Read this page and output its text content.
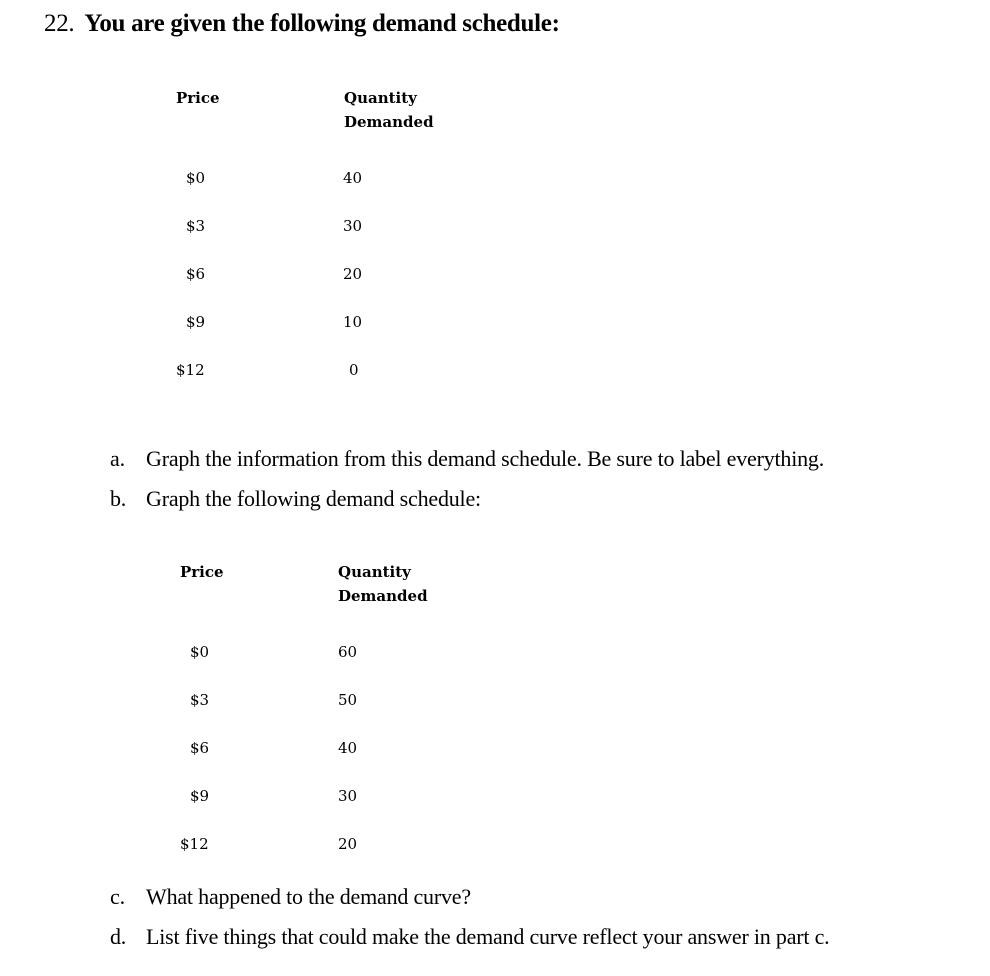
22. You are given the following demand schedule:
Price	Quantity
Demanded
$0	40
$3	30
$6	20
$9	10
$12	0
a. Graph the information from this demand schedule. Be sure to label everything.
b. Graph the following demand schedule:
Price	Quantity
Demanded
$0	60
$3	50
$6	40
$9	30
$12	20
c. What happened to the demand curve?
d. List five things that could make the demand curve reflect your answer in part c.
